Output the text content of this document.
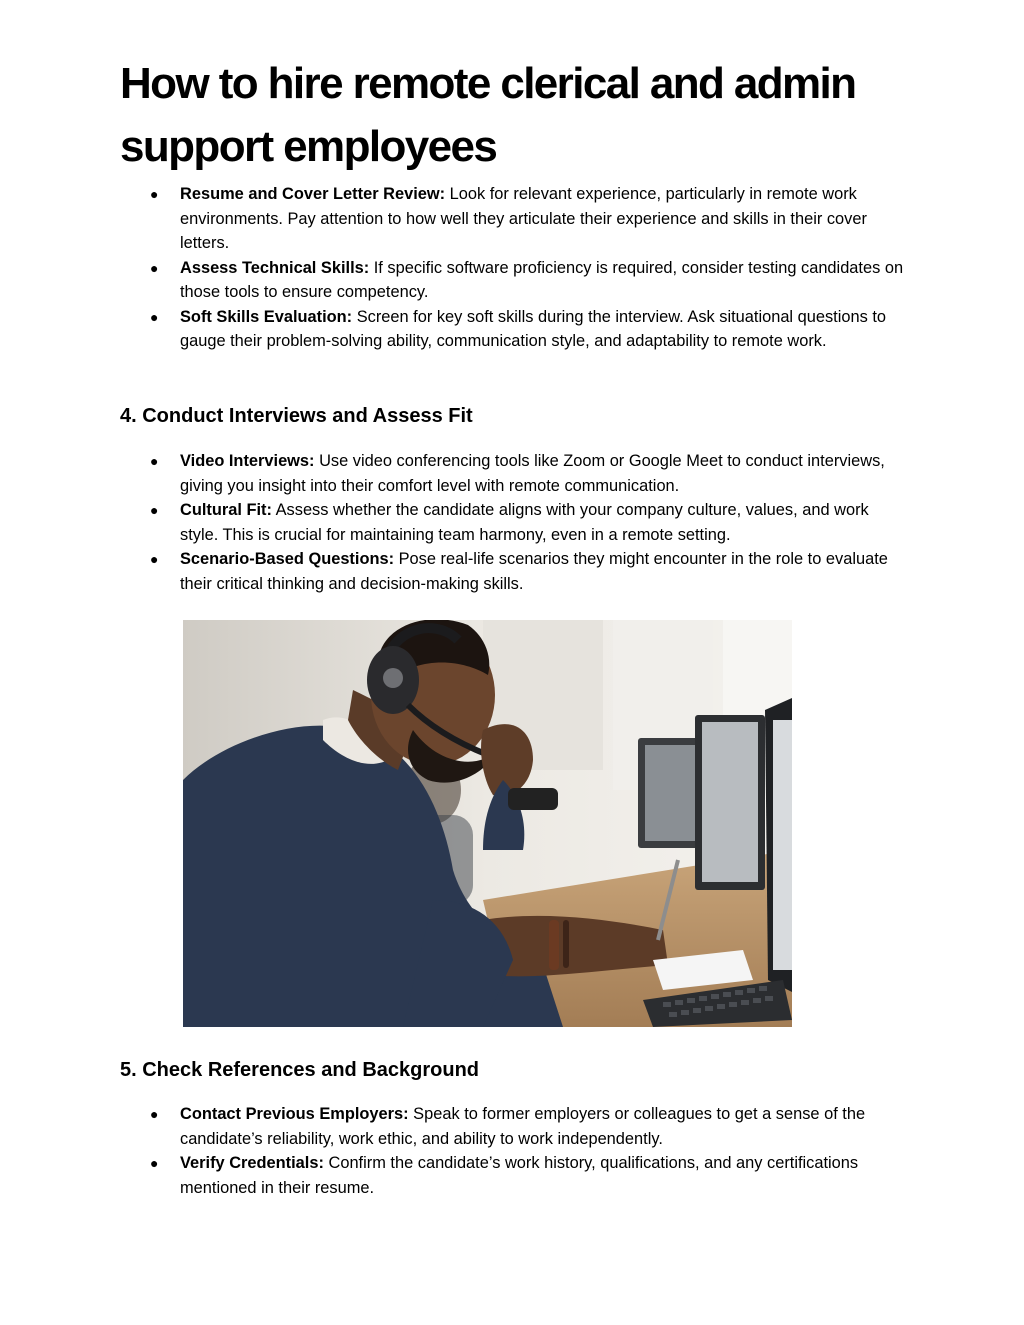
How to hire remote clerical and admin support employees
● Resume and Cover Letter Review: Look for relevant experience, particularly in remote work environments. Pay attention to how well they articulate their experience and skills in their cover letters.
● Assess Technical Skills: If specific software proficiency is required, consider testing candidates on those tools to ensure competency.
● Soft Skills Evaluation: Screen for key soft skills during the interview. Ask situational questions to gauge their problem-solving ability, communication style, and adaptability to remote work.
4. Conduct Interviews and Assess Fit
● Video Interviews: Use video conferencing tools like Zoom or Google Meet to conduct interviews, giving you insight into their comfort level with remote communication.
● Cultural Fit: Assess whether the candidate aligns with your company culture, values, and work style. This is crucial for maintaining team harmony, even in a remote setting.
● Scenario-Based Questions: Pose real-life scenarios they might encounter in the role to evaluate their critical thinking and decision-making skills.
5. Check References and Background
● Contact Previous Employers: Speak to former employers or colleagues to get a sense of the candidate’s reliability, work ethic, and ability to work independently.
● Verify Credentials: Confirm the candidate’s work history, qualifications, and any certifications mentioned in their resume.
